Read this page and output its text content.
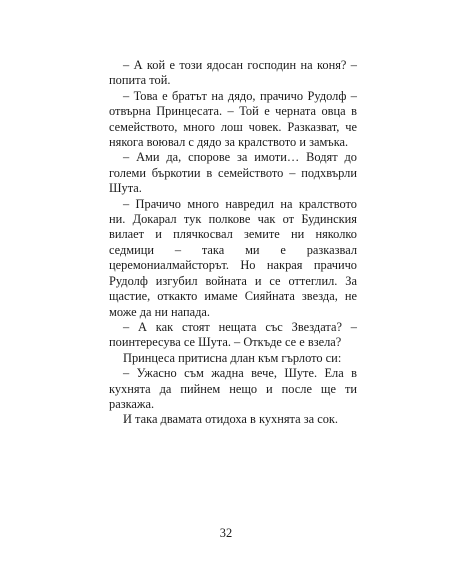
– А кой е този ядосан господин на коня? – попита той.

– Това е братът на дядо, прачичо Рудолф – отвърна Принцесата. – Той е черната овца в семейството, много лош човек. Разказват, че някога воювал с дядо за кралството и замъка.

– Ами да, спорове за имоти… Водят до големи бъркотии в семейството – подхвърли Шута.

– Прачичо много навредил на кралството ни. Докарал тук полкове чак от Будинския вилает и плячкосвал земите ни няколко седмици – така ми е разказвал церемониалмайсторът. Но накрая прачичо Рудолф изгубил войната и се оттеглил. За щастие, откакто имаме Сияйната звезда, не може да ни напада.

– А как стоят нещата със Звездата? – поинтересува се Шута. – Откъде се е взела?

Принцеса притисна длан към гърлото си:

– Ужасно съм жадна вече, Шуте. Ела в кухнята да пийнем нещо и после ще ти разкажа.

И така двамата отидоха в кухнята за сок.

32
